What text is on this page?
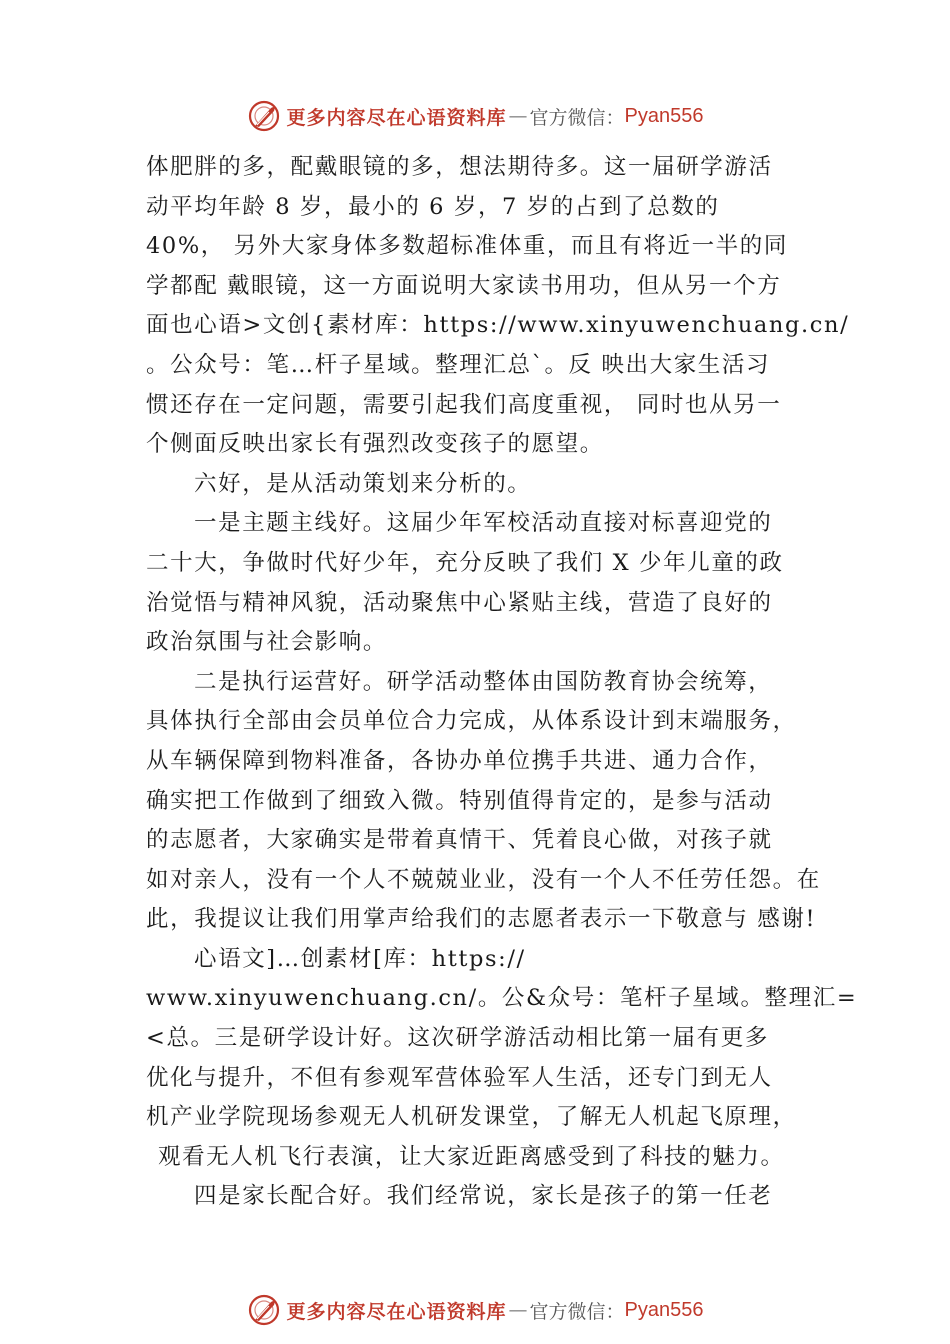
更多内容尽在心语资料库 — 官方微信： Pyan556
体肥胖的多，配戴眼镜的多，想法期待多。这一届研学游活
动平均年龄 8 岁，最小的 6 岁，7 岁的占到了总数的
40%， 另外大家身体多数超标准体重，而且有将近一半的同
学都配 戴眼镜，这一方面说明大家读书用功，但从另一个方
面也心语>文创{素材库：https://www.xinyuwenchuang.cn/
。公众号：笔…杆子星域。整理汇总`。反 映出大家生活习
惯还存在一定问题，需要引起我们高度重视， 同时也从另一
个侧面反映出家长有强烈改变孩子的愿望。
六好，是从活动策划来分析的。
一是主题主线好。这届少年军校活动直接对标喜迎党的
二十大，争做时代好少年，充分反映了我们 X 少年儿童的政
治觉悟与精神风貌，活动聚焦中心紧贴主线，营造了良好的
政治氛围与社会影响。
二是执行运营好。研学活动整体由国防教育协会统筹，
具体执行全部由会员单位合力完成，从体系设计到末端服务，
从车辆保障到物料准备，各协办单位携手共进、通力合作，
确实把工作做到了细致入微。特别值得肯定的，是参与活动
的志愿者，大家确实是带着真情干、凭着良心做，对孩子就
如对亲人，没有一个人不兢兢业业，没有一个人不任劳任怨。在
此，我提议让我们用掌声给我们的志愿者表示一下敬意与 感谢!
心语文]…创素材[库：https://
www.xinyuwenchuang.cn/。公&众号：笔杆子星域。整理汇=
<总。三是研学设计好。这次研学游活动相比第一届有更多
优化与提升，不但有参观军营体验军人生活，还专门到无人
机产业学院现场参观无人机研发课堂，了解无人机起飞原理，
观看无人机飞行表演，让大家近距离感受到了科技的魅力。
四是家长配合好。我们经常说，家长是孩子的第一任老
更多内容尽在心语资料库 — 官方微信： Pyan556
